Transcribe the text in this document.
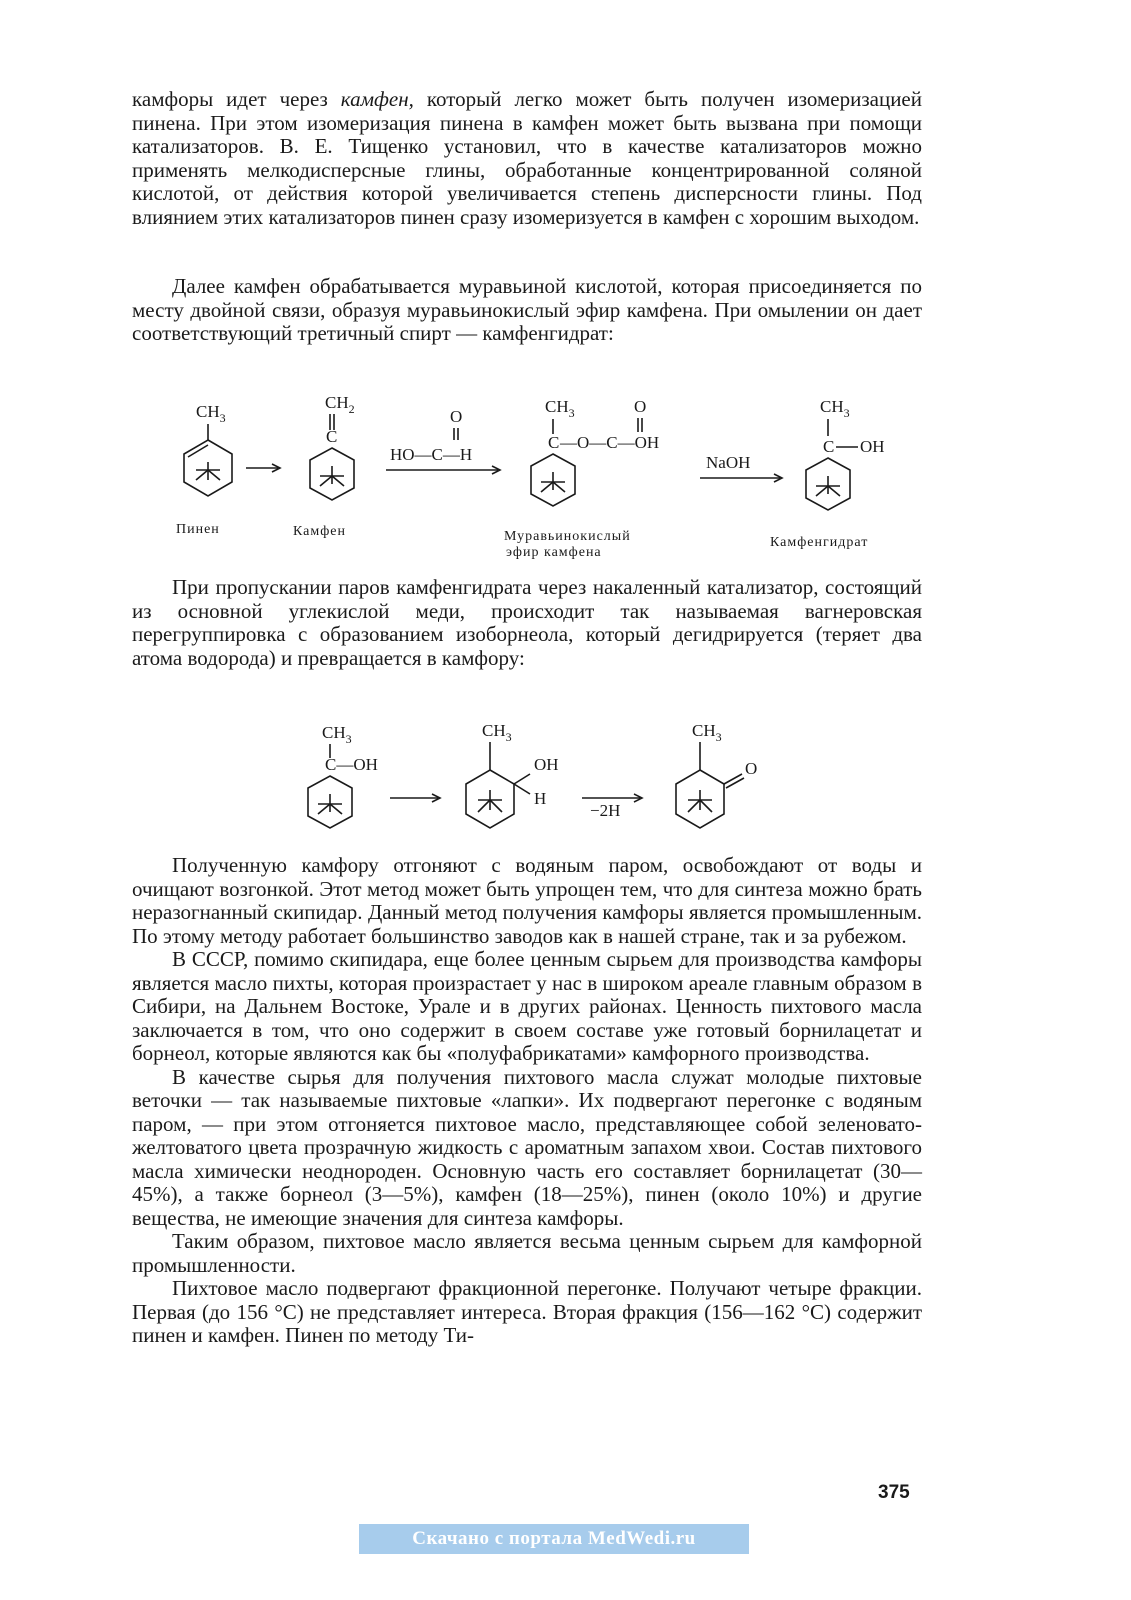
камфоры идет через камфен, который легко может быть получен изомеризацией пинена. При этом изомеризация пинена в камфен может быть вызвана при помощи катализаторов. В. Е. Тищенко установил, что в качестве катализаторов можно применять мелкодисперсные глины, обработанные концентрированной соляной кислотой, от действия которой увеличивается степень дисперсности глины. Под влиянием этих катализаторов пинен сразу изомеризуется в камфен с хорошим выходом.

Далее камфен обрабатывается муравьиной кислотой, которая присоединяется по месту двойной связи, образуя муравьинокислый эфир камфена. При омылении он дает соответствующий третичный спирт — камфенгидрат:

$CH_3$
$CH_2$
C
O
HO—C—H
$CH_3$
C —O—C—OH
O
NaOH
$CH_3$
C OH
Пинен	Камфен	Муравьинокислый
эфир камфена
Камфенгидрат

При пропускании паров камфенгидрата через накаленный катализатор, состоящий из основной углекислой меди, происходит так называемая вагнеровская перегруппировка с образованием изоборнеола, который дегидрируется (теряет два атома водорода) и превращается в камфору:

$CH_3$
C—OH
$CH_3$
OH
H
−2H
$CH_3$
O

Полученную камфору отгоняют с водяным паром, освобождают от воды и очищают возгонкой. Этот метод может быть упрощен тем, что для синтеза можно брать неразогнанный скипидар. Данный метод получения камфоры является промышленным. По этому методу работает большинство заводов как в нашей стране, так и за рубежом.

В СССР, помимо скипидара, еще более ценным сырьем для производства камфоры является масло пихты, которая произрастает у нас в широком ареале главным образом в Сибири, на Дальнем Востоке, Урале и в других районах. Ценность пихтового масла заключается в том, что оно содержит в своем составе уже готовый борнилацетат и борнеол, которые являются как бы «полуфабрикатами» камфорного производства.

В качестве сырья для получения пихтового масла служат молодые пихтовые веточки — так называемые пихтовые «лапки». Их подвергают перегонке с водяным паром, — при этом отгоняется пихтовое масло, представляющее собой зеленовато-желтоватого цвета прозрачную жидкость с ароматным запахом хвои. Состав пихтового масла химически неоднороден. Основную часть его составляет борнилацетат (30—45%), а также борнеол (3—5%), камфен (18—25%), пинен (около 10%) и другие вещества, не имеющие значения для синтеза камфоры.

Таким образом, пихтовое масло является весьма ценным сырьем для камфорной промышленности.

Пихтовое масло подвергают фракционной перегонке. Получают четыре фракции. Первая (до 156 °С) не представляет интереса. Вторая фракция (156—162 °С) содержит пинен и камфен. Пинен по методу Ти-

375
Скачано с портала MedWedi.ru
